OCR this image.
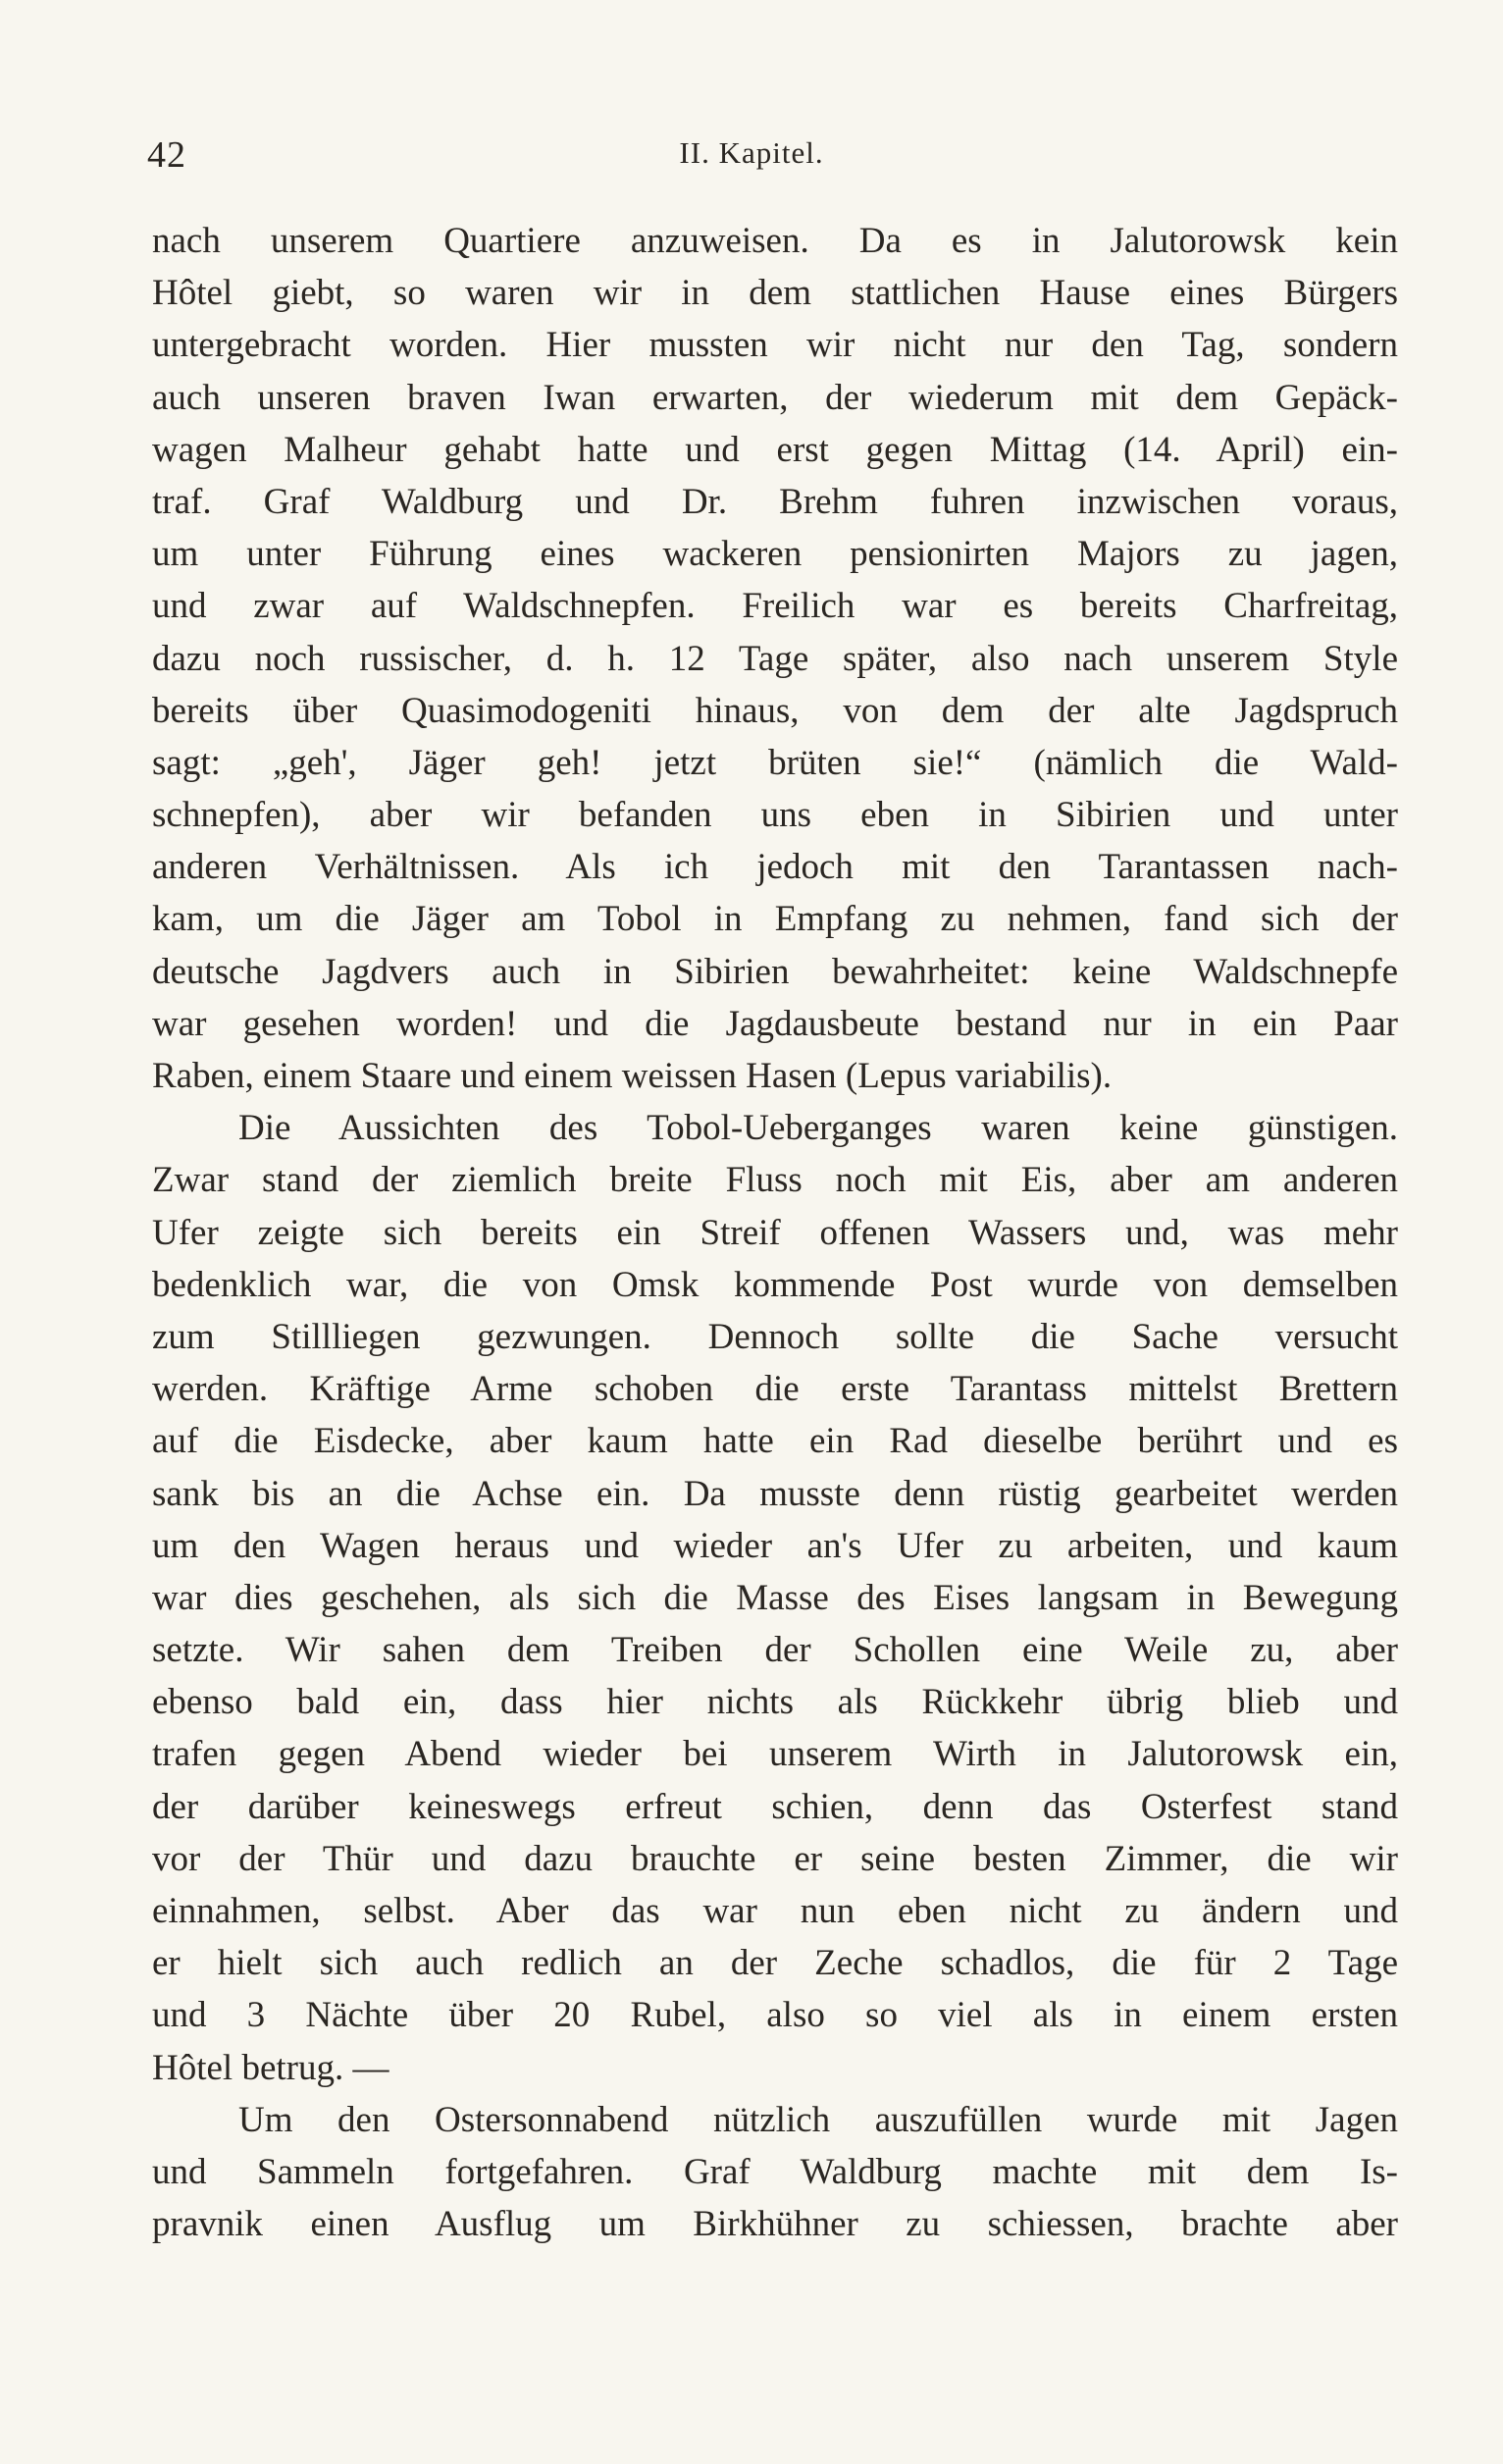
42	II. Kapitel.
nach unserem Quartiere anzuweisen. Da es in Jalutorowsk kein
Hôtel giebt, so waren wir in dem stattlichen Hause eines Bürgers
untergebracht worden. Hier mussten wir nicht nur den Tag, sondern
auch unseren braven Iwan erwarten, der wiederum mit dem Gepäck-
wagen Malheur gehabt hatte und erst gegen Mittag (14. April) ein-
traf. Graf Waldburg und Dr. Brehm fuhren inzwischen voraus,
um unter Führung eines wackeren pensionirten Majors zu jagen,
und zwar auf Waldschnepfen. Freilich war es bereits Charfreitag,
dazu noch russischer, d. h. 12 Tage später, also nach unserem Style
bereits über Quasimodogeniti hinaus, von dem der alte Jagdspruch
sagt: „geh', Jäger geh! jetzt brüten sie!“ (nämlich die Wald-
schnepfen), aber wir befanden uns eben in Sibirien und unter
anderen Verhältnissen. Als ich jedoch mit den Tarantassen nach-
kam, um die Jäger am Tobol in Empfang zu nehmen, fand sich der
deutsche Jagdvers auch in Sibirien bewahrheitet: keine Waldschnepfe
war gesehen worden! und die Jagdausbeute bestand nur in ein Paar
Raben, einem Staare und einem weissen Hasen (Lepus variabilis).
Die Aussichten des Tobol-Ueberganges waren keine günstigen.
Zwar stand der ziemlich breite Fluss noch mit Eis, aber am anderen
Ufer zeigte sich bereits ein Streif offenen Wassers und, was mehr
bedenklich war, die von Omsk kommende Post wurde von demselben
zum Stillliegen gezwungen. Dennoch sollte die Sache versucht
werden. Kräftige Arme schoben die erste Tarantass mittelst Brettern
auf die Eisdecke, aber kaum hatte ein Rad dieselbe berührt und es
sank bis an die Achse ein. Da musste denn rüstig gearbeitet werden
um den Wagen heraus und wieder an's Ufer zu arbeiten, und kaum
war dies geschehen, als sich die Masse des Eises langsam in Bewegung
setzte. Wir sahen dem Treiben der Schollen eine Weile zu, aber
ebenso bald ein, dass hier nichts als Rückkehr übrig blieb und
trafen gegen Abend wieder bei unserem Wirth in Jalutorowsk ein,
der darüber keineswegs erfreut schien, denn das Osterfest stand
vor der Thür und dazu brauchte er seine besten Zimmer, die wir
einnahmen, selbst. Aber das war nun eben nicht zu ändern und
er hielt sich auch redlich an der Zeche schadlos, die für 2 Tage
und 3 Nächte über 20 Rubel, also so viel als in einem ersten
Hôtel betrug. —
Um den Ostersonnabend nützlich auszufüllen wurde mit Jagen
und Sammeln fortgefahren. Graf Waldburg machte mit dem Is-
pravnik einen Ausflug um Birkhühner zu schiessen, brachte aber
